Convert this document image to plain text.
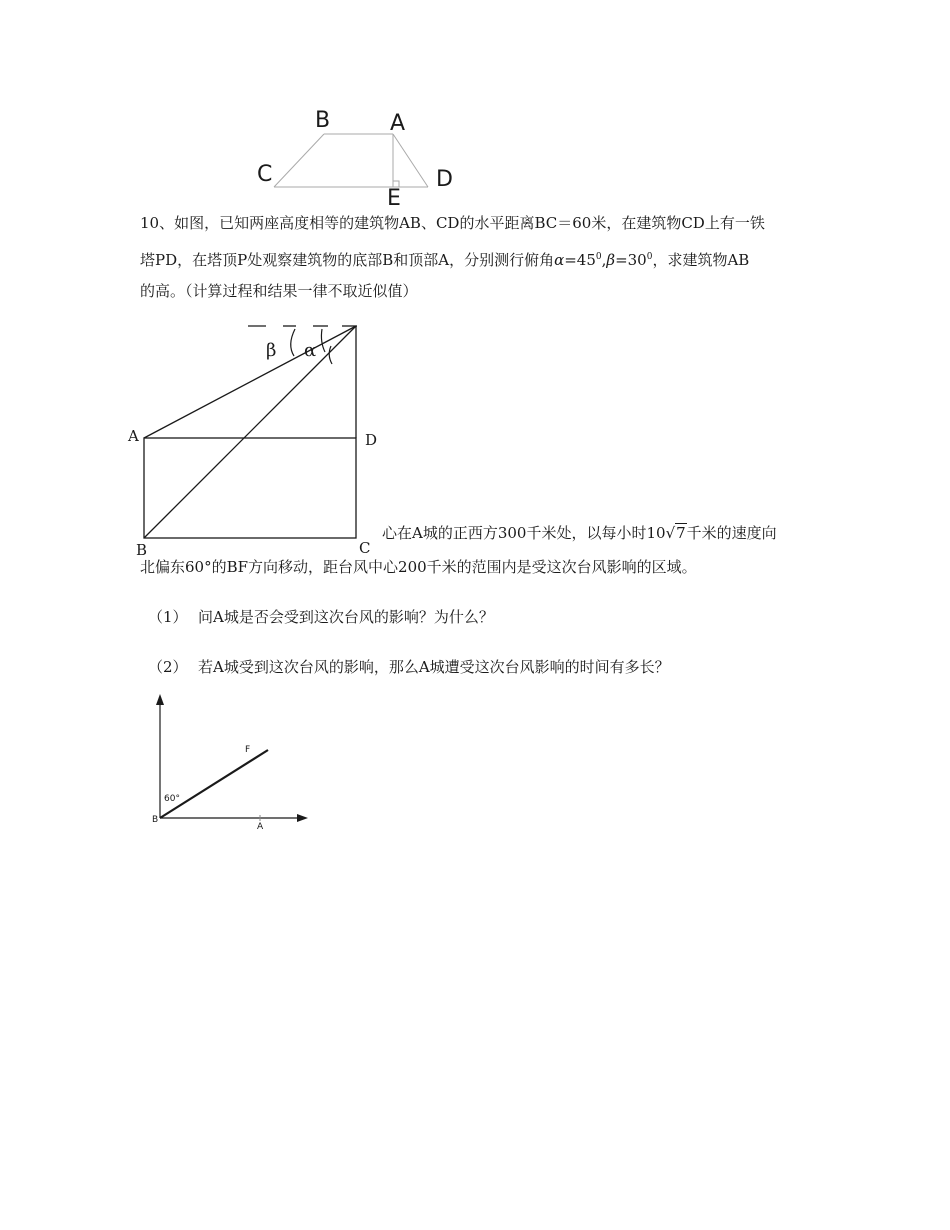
B	A
C	D
E
10、如图，已知两座高度相等的建筑物AB、CD的水平距离BC＝60米，在建筑物CD上有一铁
塔PD，在塔顶P处观察建筑物的底部B和顶部A，分别测行俯角$\alpha=45^0,\beta=30^0$，求建筑物AB
的高。（计算过程和结果一律不取近似值）
β α
A	D
B	C
心在A城的正西方300千米处，以每小时10√7千米的速度向
北偏东60°的BF方向移动，距台风中心200千米的范围内是受这次台风影响的区域。
（1） 问A城是否会受到这次台风的影响？为什么？
（2） 若A城受到这次台风的影响，那么A城遭受这次台风影响的时间有多长？
F
60°
B
A
